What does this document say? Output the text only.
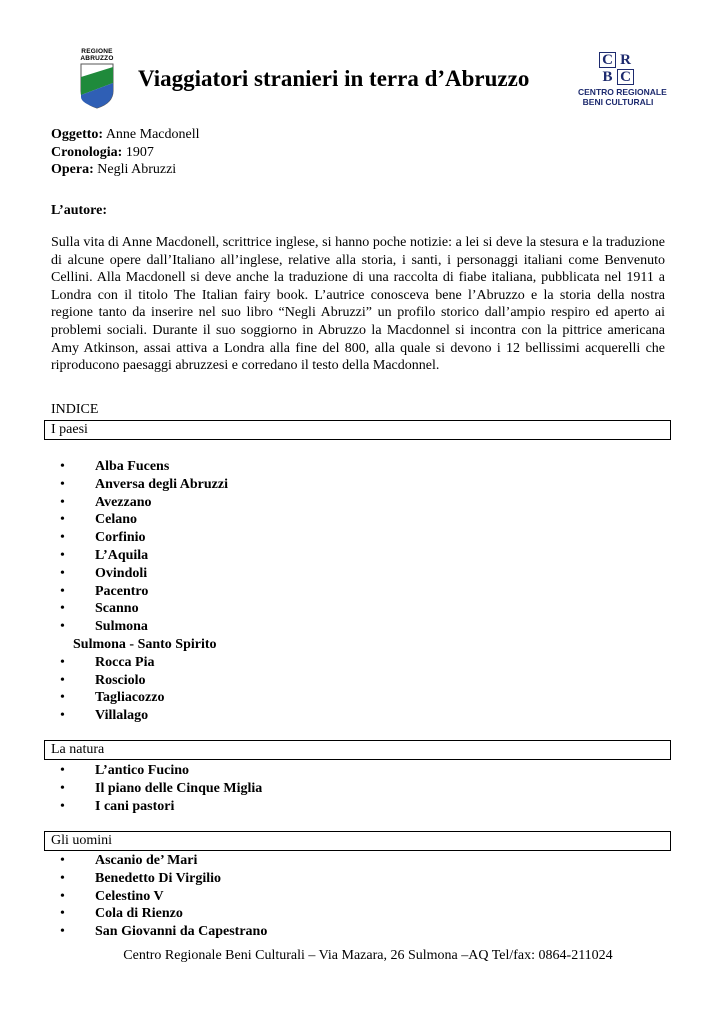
REGIONE
ABRUZZO
Viaggiatori stranieri in terra d’Abruzzo
C R
B C
CENTRO REGIONALE
BENI CULTURALI
Oggetto: Anne Macdonell
Cronologia: 1907
Opera: Negli Abruzzi
L’autore:

Sulla vita di Anne Macdonell, scrittrice inglese, si hanno poche notizie: a lei si deve la stesura e la traduzione di alcune opere dall’Italiano all’inglese, relative alla storia, i santi, i personaggi italiani come Benvenuto Cellini. Alla Macdonell si deve anche la traduzione di una raccolta di fiabe italiana, pubblicata nel 1911 a Londra con il titolo The Italian fairy book. L’autrice conosceva bene l’Abruzzo e la storia della nostra regione tanto da inserire nel suo libro “Negli Abruzzi” un profilo storico dall’ampio respiro ed aperto ai problemi sociali. Durante il suo soggiorno in Abruzzo la Macdonnel si incontra con la pittrice americana Amy Atkinson, assai attiva a Londra alla fine del 800, alla quale si devono i 12 bellissimi acquerelli che riproducono paesaggi abruzzesi e corredano il testo della Macdonnel.

INDICE
I paesi
• Alba Fucens
• Anversa degli Abruzzi
• Avezzano
• Celano
• Corfinio
• L’Aquila
• Ovindoli
• Pacentro
• Scanno
• Sulmona
Sulmona - Santo Spirito
• Rocca Pia
• Rosciolo
• Tagliacozzo
• Villalago
La natura
• L’antico Fucino
• Il piano delle Cinque Miglia
• I cani pastori
Gli uomini
• Ascanio de’ Mari
• Benedetto Di Virgilio
• Celestino V
• Cola di Rienzo
• San Giovanni da Capestrano
Centro Regionale Beni Culturali – Via Mazara, 26 Sulmona –AQ Tel/fax: 0864-211024
